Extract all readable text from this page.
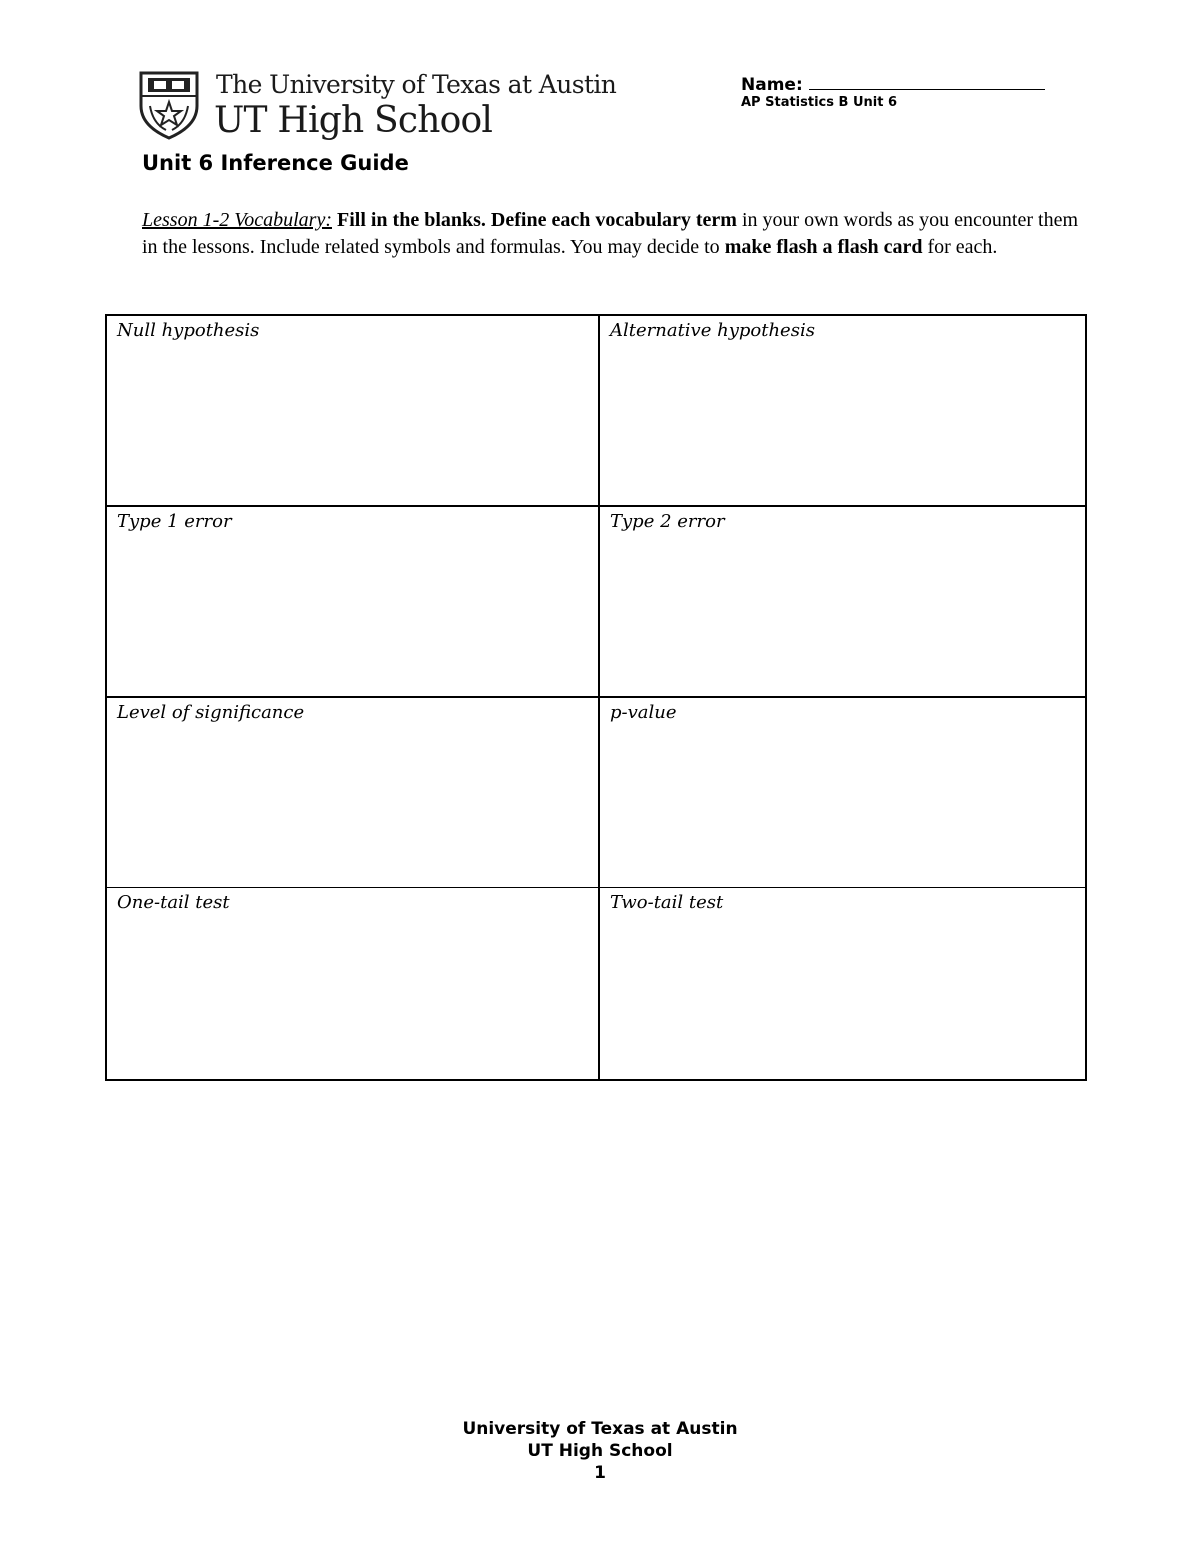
The University of Texas at Austin
UT High School
Name:
AP Statistics B Unit 6
Unit 6 Inference Guide
Lesson 1-2 Vocabulary: Fill in the blanks. Define each vocabulary term in your own words as you encounter them in the lessons. Include related symbols and formulas. You may decide to make flash a flash card for each.
Null hypothesis	Alternative hypothesis
Type 1 error	Type 2 error
Level of significance	p-value
One-tail test	Two-tail test
University of Texas at Austin
UT High School
1
